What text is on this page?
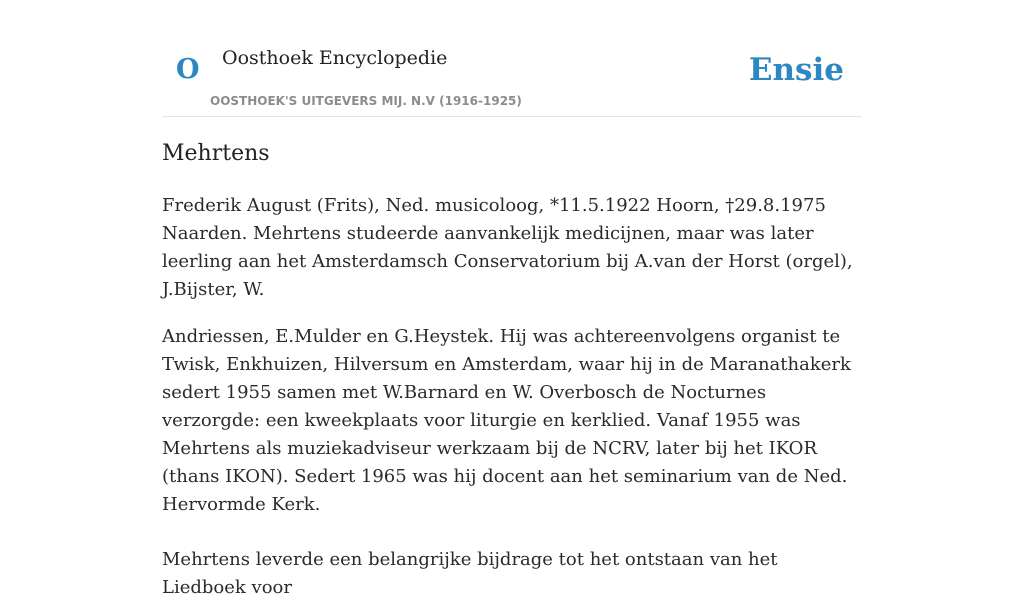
O Oosthoek Encyclopedie
OOSTHOEK'S UITGEVERS MIJ. N.V (1916-1925)
Ensie
Mehrtens

Frederik August (Frits), Ned. musicoloog, *11.5.1922 Hoorn, †29.8.1975 Naarden. Mehrtens studeerde aanvankelijk medicijnen, maar was later leerling aan het Amsterdamsch Conservatorium bij A.van der Horst (orgel), J.Bijster, W.

Andriessen, E.Mulder en G.Heystek. Hij was achtereenvolgens organist te Twisk, Enkhuizen, Hilversum en Amsterdam, waar hij in de Maranathakerk sedert 1955 samen met W.Barnard en W. Overbosch de Nocturnes verzorgde: een kweekplaats voor liturgie en kerklied. Vanaf 1955 was Mehrtens als muziekadviseur werkzaam bij de NCRV, later bij het IKOR (thans IKON). Sedert 1965 was hij docent aan het seminarium van de Ned. Hervormde Kerk.

Mehrtens leverde een belangrijke bijdrage tot het ontstaan van het Liedboek voor
